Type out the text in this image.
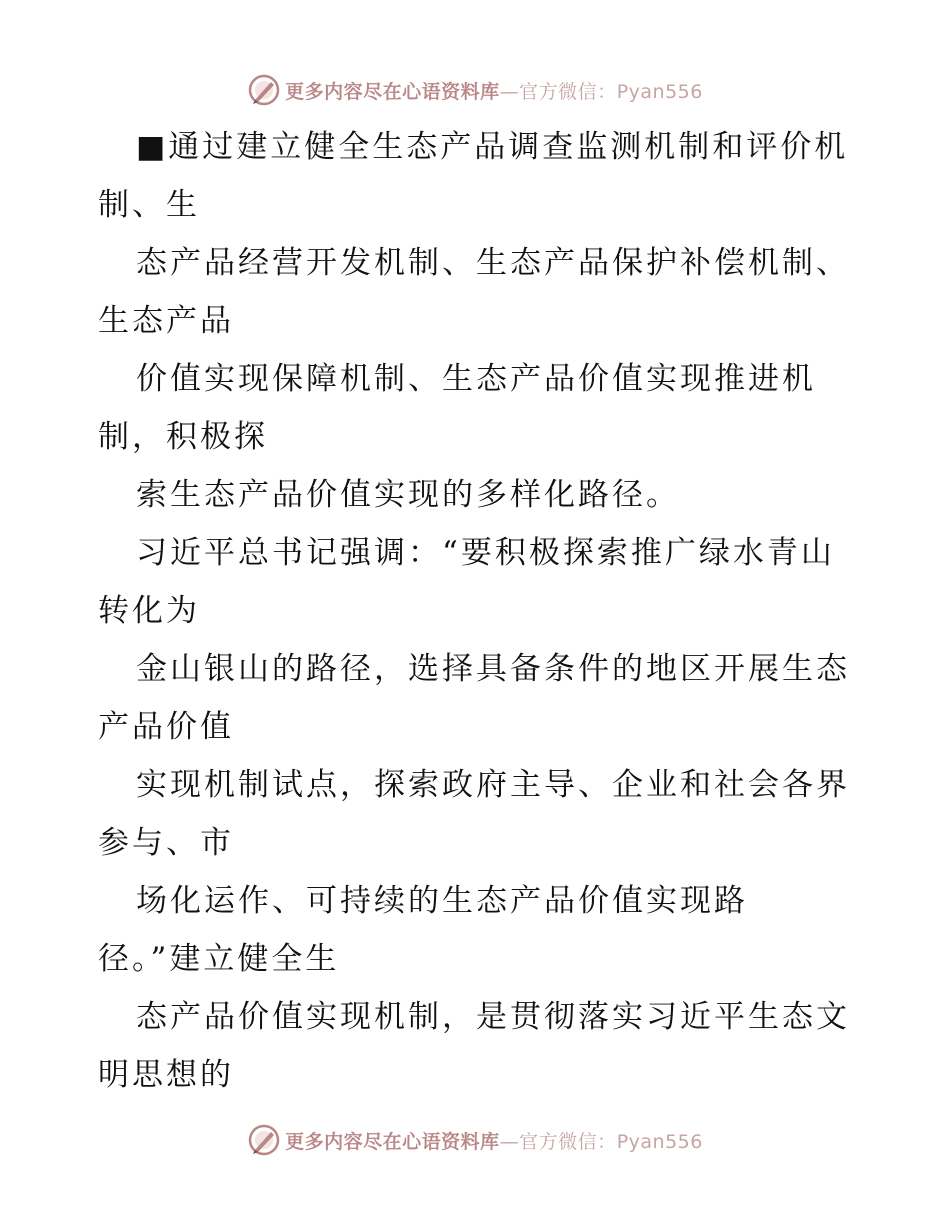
更多内容尽在心语资料库—官方微信：Pyan556
■通过建立健全生态产品调查监测机制和评价机
制、生
态产品经营开发机制、生态产品保护补偿机制、
生态产品
价值实现保障机制、生态产品价值实现推进机
制，积极探
索生态产品价值实现的多样化路径。
习近平总书记强调：“要积极探索推广绿水青山
转化为
金山银山的路径，选择具备条件的地区开展生态
产品价值
实现机制试点，探索政府主导、企业和社会各界
参与、市
场化运作、可持续的生态产品价值实现路
径。”建立健全生
态产品价值实现机制，是贯彻落实习近平生态文
明思想的
更多内容尽在心语资料库—官方微信：Pyan556
